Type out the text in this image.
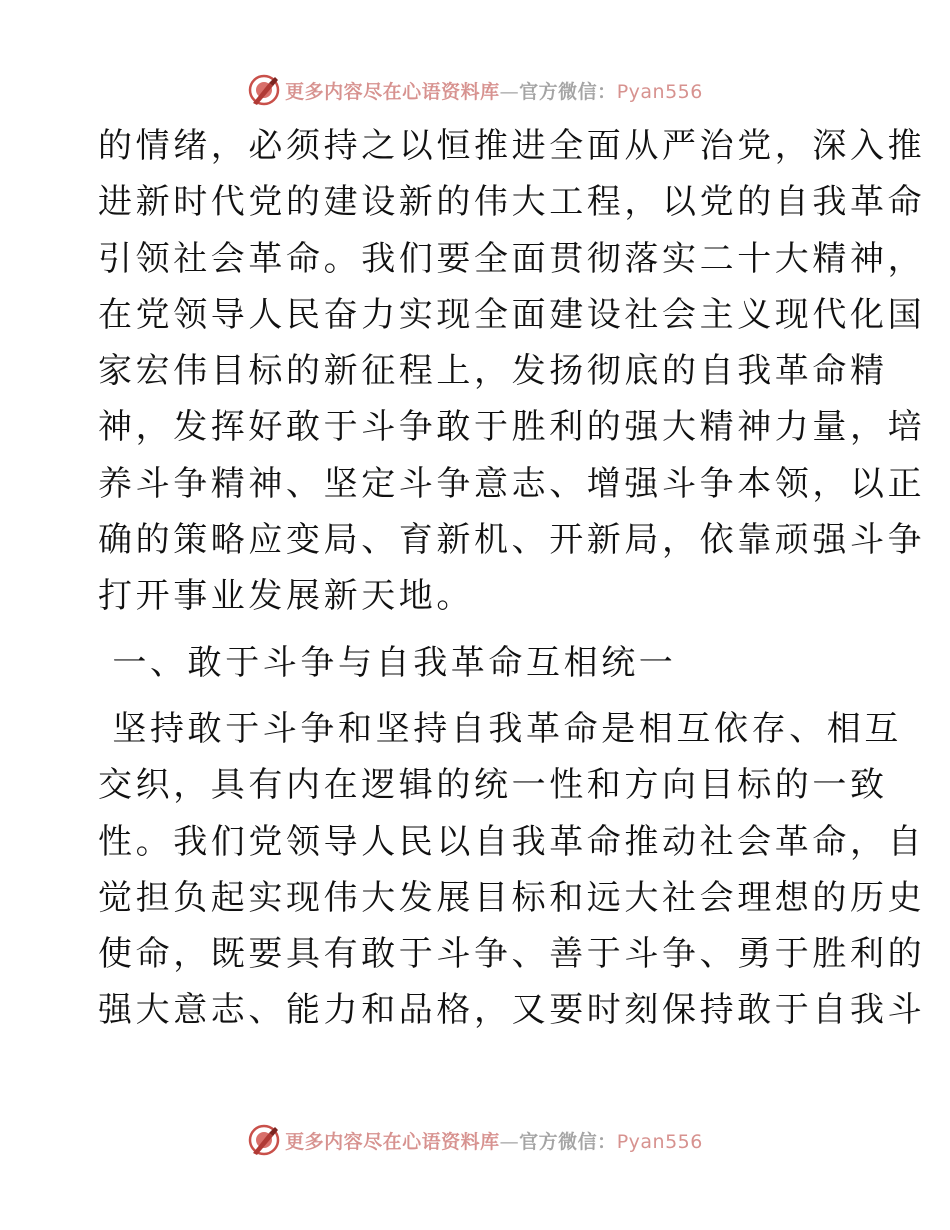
更多内容尽在心语资料库—官方微信：Pyan556

的情绪，必须持之以恒推进全面从严治党，深入推
进新时代党的建设新的伟大工程，以党的自我革命
引领社会革命。我们要全面贯彻落实二十大精神，
在党领导人民奋力实现全面建设社会主义现代化国
家宏伟目标的新征程上，发扬彻底的自我革命精
神，发挥好敢于斗争敢于胜利的强大精神力量，培
养斗争精神、坚定斗争意志、增强斗争本领，以正
确的策略应变局、育新机、开新局，依靠顽强斗争
打开事业发展新天地。

一、敢于斗争与自我革命互相统一

坚持敢于斗争和坚持自我革命是相互依存、相互
交织，具有内在逻辑的统一性和方向目标的一致
性。我们党领导人民以自我革命推动社会革命，自
觉担负起实现伟大发展目标和远大社会理想的历史
使命，既要具有敢于斗争、善于斗争、勇于胜利的
强大意志、能力和品格，又要时刻保持敢于自我斗

更多内容尽在心语资料库—官方微信：Pyan556
